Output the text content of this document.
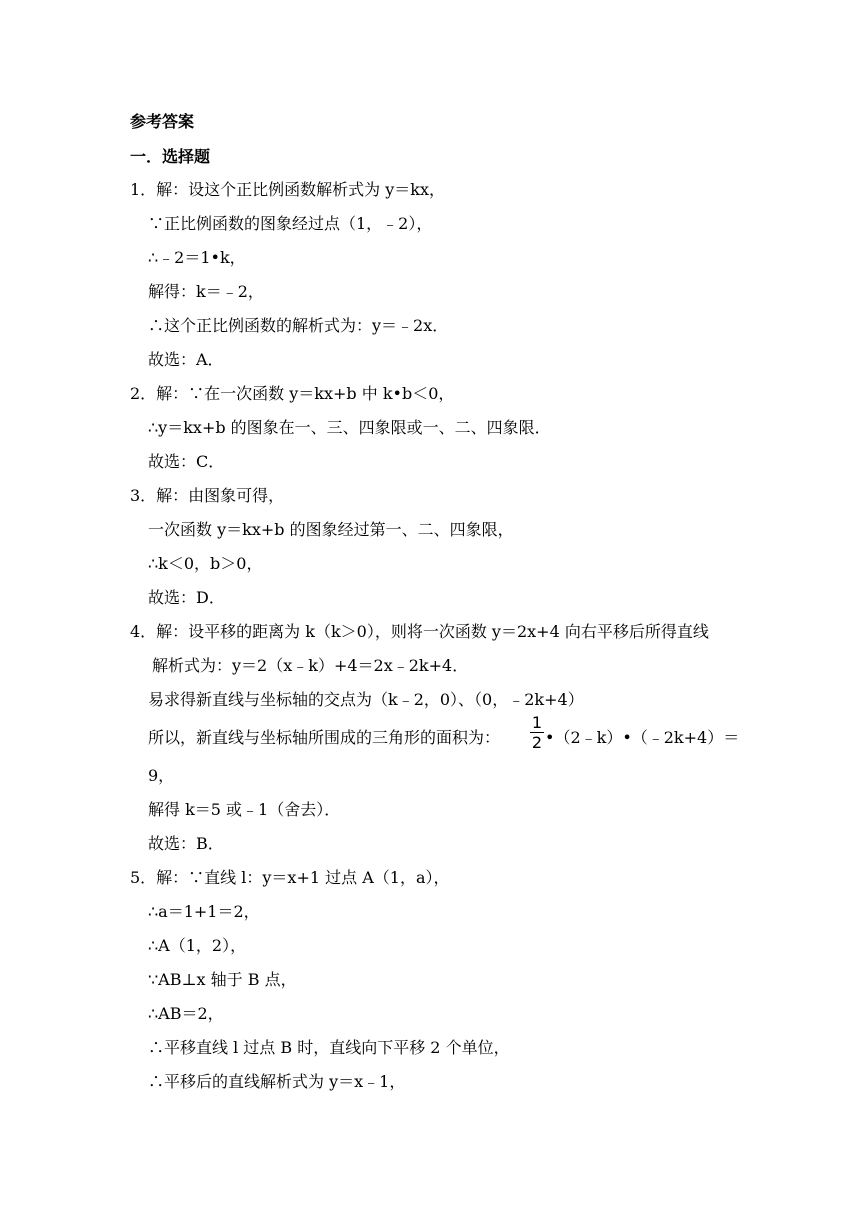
参考答案
一．选择题
1．解：设这个正比例函数解析式为 y＝kx，
∵正比例函数的图象经过点（1，﹣2），
∴﹣2＝1•k，
解得：k＝﹣2，
∴这个正比例函数的解析式为：y＝﹣2x．
故选：A．
2．解：∵在一次函数 y＝kx+b 中 k•b＜0，
∴y＝kx+b 的图象在一、三、四象限或一、二、四象限．
故选：C．
3．解：由图象可得，
一次函数 y＝kx+b 的图象经过第一、二、四象限，
∴k＜0，b＞0，
故选：D．
4．解：设平移的距离为 k（k＞0），则将一次函数 y＝2x+4 向右平移后所得直线
解析式为：y＝2（x﹣k）+4＝2x﹣2k+4．
易求得新直线与坐标轴的交点为（k﹣2，0）、（0，﹣2k+4）
所以，新直线与坐标轴所围成的三角形的面积为：
1
2 •（2﹣k）•（﹣2k+4）＝
9，
解得 k＝5 或﹣1（舍去）．
故选：B．
5．解：∵直线 l：y＝x+1 过点 A（1，a），
∴a＝1+1＝2，
∴A（1，2），
∵AB⊥x 轴于 B 点，
∴AB＝2，
∴平移直线 l 过点 B 时，直线向下平移 2 个单位，
∴平移后的直线解析式为 y＝x﹣1，
